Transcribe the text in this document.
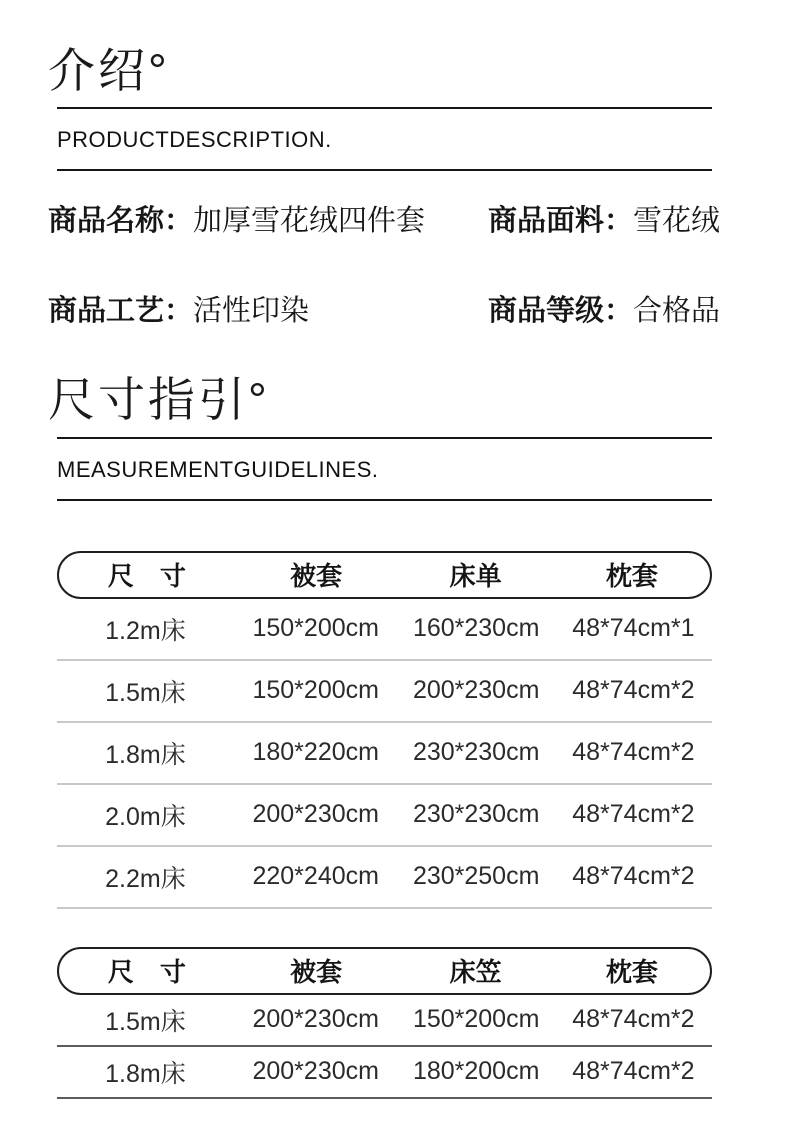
介绍°
PRODUCTDESCRIPTION.
商品名称：加厚雪花绒四件套	商品面料：雪花绒
商品工艺：活性印染	商品等级：合格品
尺寸指引°
MEASUREMENTGUIDELINES.
尺　寸	被套	床单	枕套
1.2m床	150*200cm	160*230cm	48*74cm*1
1.5m床	150*200cm	200*230cm	48*74cm*2
1.8m床	180*220cm	230*230cm	48*74cm*2
2.0m床	200*230cm	230*230cm	48*74cm*2
2.2m床	220*240cm	230*250cm	48*74cm*2
尺　寸	被套	床笠	枕套
1.5m床	200*230cm	150*200cm	48*74cm*2
1.8m床	200*230cm	180*200cm	48*74cm*2
